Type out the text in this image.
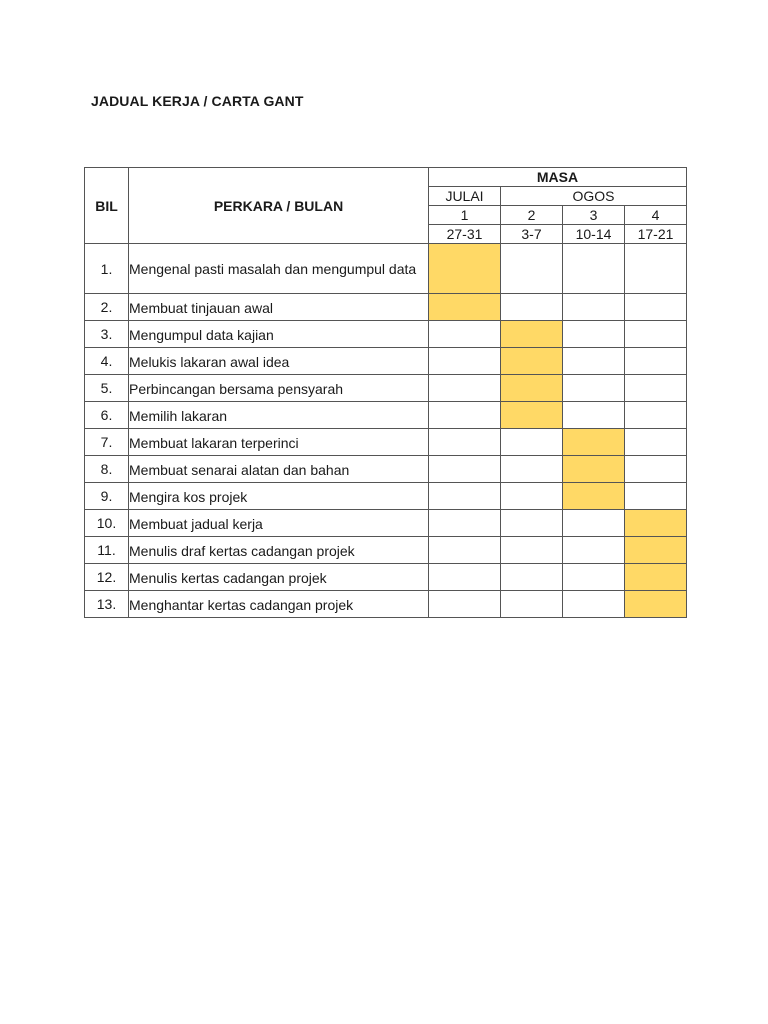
JADUAL KERJA / CARTA GANT
BIL	PERKARA / BULAN	MASA			
		JULAI	OGOS		
		1	2	3	4
		27-31	3-7	10-14	17-21
1.	Mengenal pasti masalah dan mengumpul data				
2.	Membuat tinjauan awal				
3.	Mengumpul data kajian				
4.	Melukis lakaran awal idea				
5.	Perbincangan bersama pensyarah				
6.	Memilih lakaran				
7.	Membuat lakaran terperinci				
8.	Membuat senarai alatan dan bahan				
9.	Mengira kos projek				
10.	Membuat jadual kerja				
11.	Menulis draf kertas cadangan projek				
12.	Menulis kertas cadangan projek				
13.	Menghantar kertas cadangan projek				
